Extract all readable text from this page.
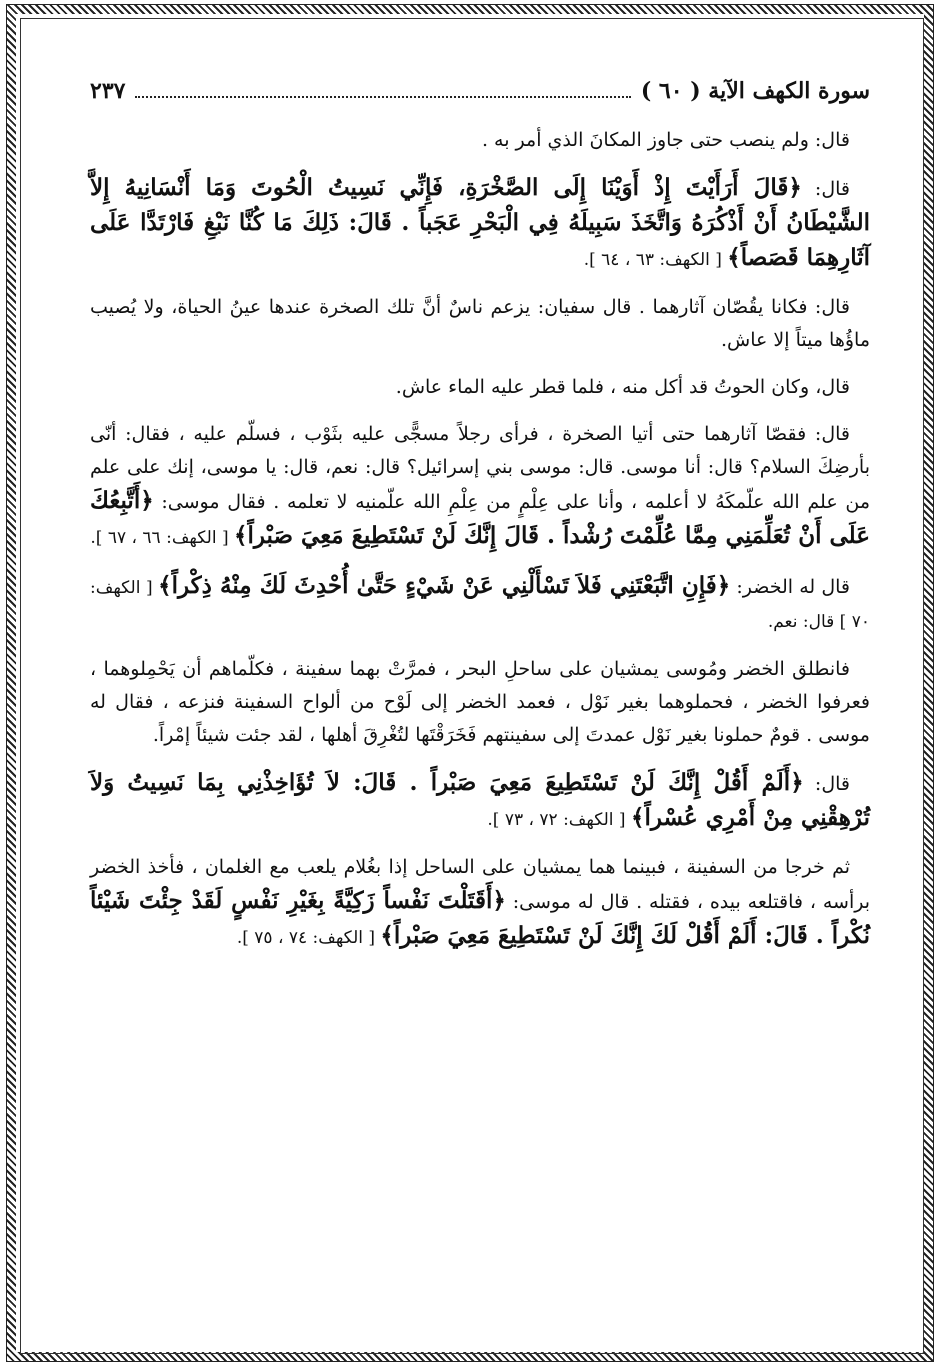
سورة الكهف الآية ( ٦٠ )
٢٣٧

قال: ولم ينصب حتى جاوز المكانَ الذي أمر به .

قال: ﴿قَالَ أَرَأَيْتَ إِذْ أَوَيْنَا إِلَى الصَّخْرَةِ، فَإِنِّي نَسِيتُ الْحُوتَ وَمَا أَنْسَانِيهُ إِلاَّ الشَّيْطَانُ أَنْ أَذْكُرَهُ وَاتَّخَذَ سَبِيلَهُ فِي الْبَحْرِ عَجَباً . قَالَ: ذَلِكَ مَا كُنَّا نَبْغِ فَارْتَدَّا عَلَى آثَارِهِمَا قَصَصاً﴾ [ الكهف: ٦٣ ، ٦٤ ].

قال: فكانا يقُصّان آثارهما . قال سفيان: يزعم ناسٌ أنَّ تلك الصخرة عندها عينُ الحياة، ولا يُصيب ماؤُها ميتاً إلا عاش.

قال، وكان الحوتُ قد أكل منه ، فلما قطر عليه الماء عاش.

قال: فقصّا آثارهما حتى أتيا الصخرة ، فرأى رجلاً مسجًّى عليه بثَوْب ، فسلّم عليه ، فقال: أنّى بأرضِكَ السلام؟ قال: أنا موسى. قال: موسى بني إسرائيل؟ قال: نعم، قال: يا موسى، إنك على علم من علم الله علّمكَهُ لا أعلمه ، وأنا على عِلْمٍ من عِلْمِ الله علّمنيه لا تعلمه . فقال موسى: ﴿أَتَّبِعُكَ عَلَى أَنْ تُعَلِّمَنِي مِمَّا عُلِّمْتَ رُشْداً . قَالَ إِنَّكَ لَنْ تَسْتَطِيعَ مَعِيَ صَبْراً﴾ [ الكهف: ٦٦ ، ٦٧ ].

قال له الخضر: ﴿فَإِنِ اتَّبَعْتَنِي فَلاَ تَسْأَلْنِي عَنْ شَيْءٍ حَتَّىٰ أُحْدِثَ لَكَ مِنْهُ ذِكْراً﴾ [ الكهف: ٧٠ ] قال: نعم.

فانطلق الخضر ومُوسى يمشيان على ساحلِ البحر ، فمرَّتْ بهما سفينة ، فكلّماهم أن يَحْمِلوهما ، فعرفوا الخضر ، فحملوهما بغير نَوْل ، فعمد الخضر إلى لَوْح من ألواح السفينة فنزعه ، فقال له موسى . قومٌ حملونا بغير نَوْل عمدتَ إلى سفينتهم فَخَرَقْتَها لتُغْرِقَ أهلها ، لقد جئت شيئاً إمْراً.

قال: ﴿أَلَمْ أَقُلْ إِنَّكَ لَنْ تَسْتَطِيعَ مَعِيَ صَبْراً . قَالَ: لاَ تُؤَاخِذْنِي بِمَا نَسِيتُ وَلاَ تُرْهِقْنِي مِنْ أَمْرِي عُسْراً﴾ [ الكهف: ٧٢ ، ٧٣ ].

ثم خرجا من السفينة ، فبينما هما يمشيان على الساحل إذا بغُلام يلعب مع الغلمان ، فأخذ الخضر برأسه ، فاقتلعه بيده ، فقتله . قال له موسى: ﴿أَقَتَلْتَ نَفْساً زَكِيَّةً بِغَيْرِ نَفْسٍ لَقَدْ جِئْتَ شَيْئاً نُكْراً . قَالَ: أَلَمْ أَقُلْ لَكَ إِنَّكَ لَنْ تَسْتَطِيعَ مَعِيَ صَبْراً﴾ [ الكهف: ٧٤ ، ٧٥ ].
